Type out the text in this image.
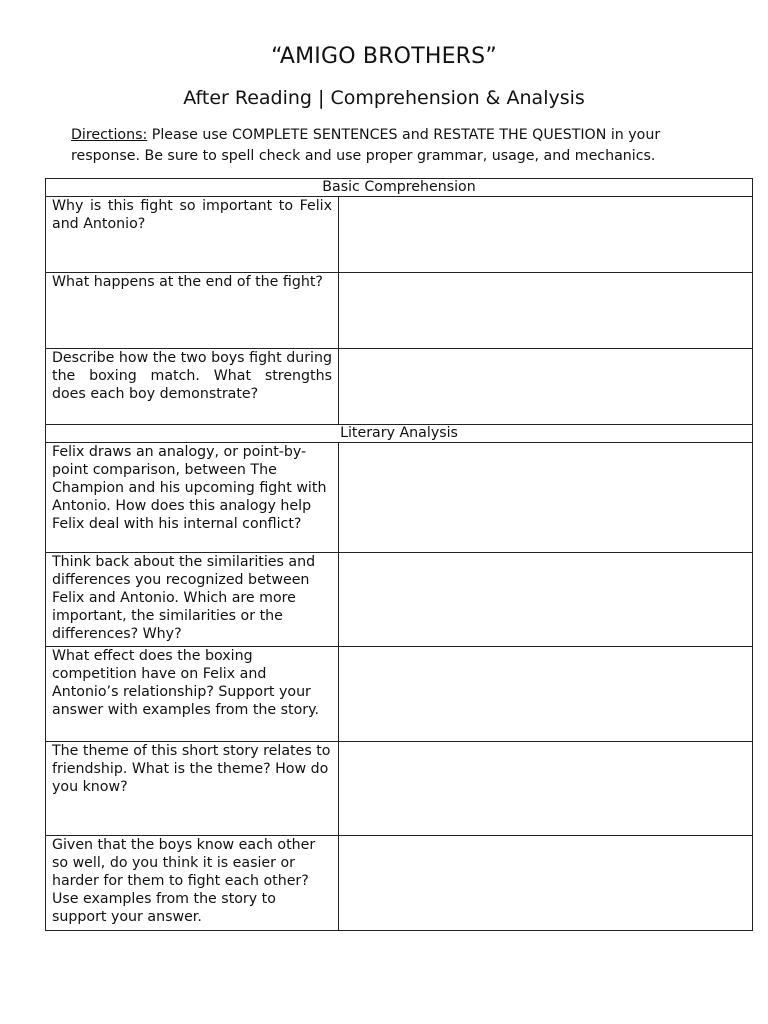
“AMIGO BROTHERS”
After Reading | Comprehension & Analysis
Directions: Please use COMPLETE SENTENCES and RESTATE THE QUESTION in your response. Be sure to spell check and use proper grammar, usage, and mechanics.
Basic Comprehension	
Why is this fight so important to Felix and Antonio?	
What happens at the end of the fight?	
Describe how the two boys fight during the boxing match. What strengths does each boy demonstrate?	
Literary Analysis	
Felix draws an analogy, or point-by-point comparison, between The Champion and his upcoming fight with Antonio. How does this analogy help Felix deal with his internal conflict?	
Think back about the similarities and differences you recognized between Felix and Antonio. Which are more important, the similarities or the differences? Why?	
What effect does the boxing competition have on Felix and Antonio’s relationship? Support your answer with examples from the story.	
The theme of this short story relates to friendship. What is the theme? How do you know?	
Given that the boys know each other so well, do you think it is easier or harder for them to fight each other? Use examples from the story to support your answer.	
